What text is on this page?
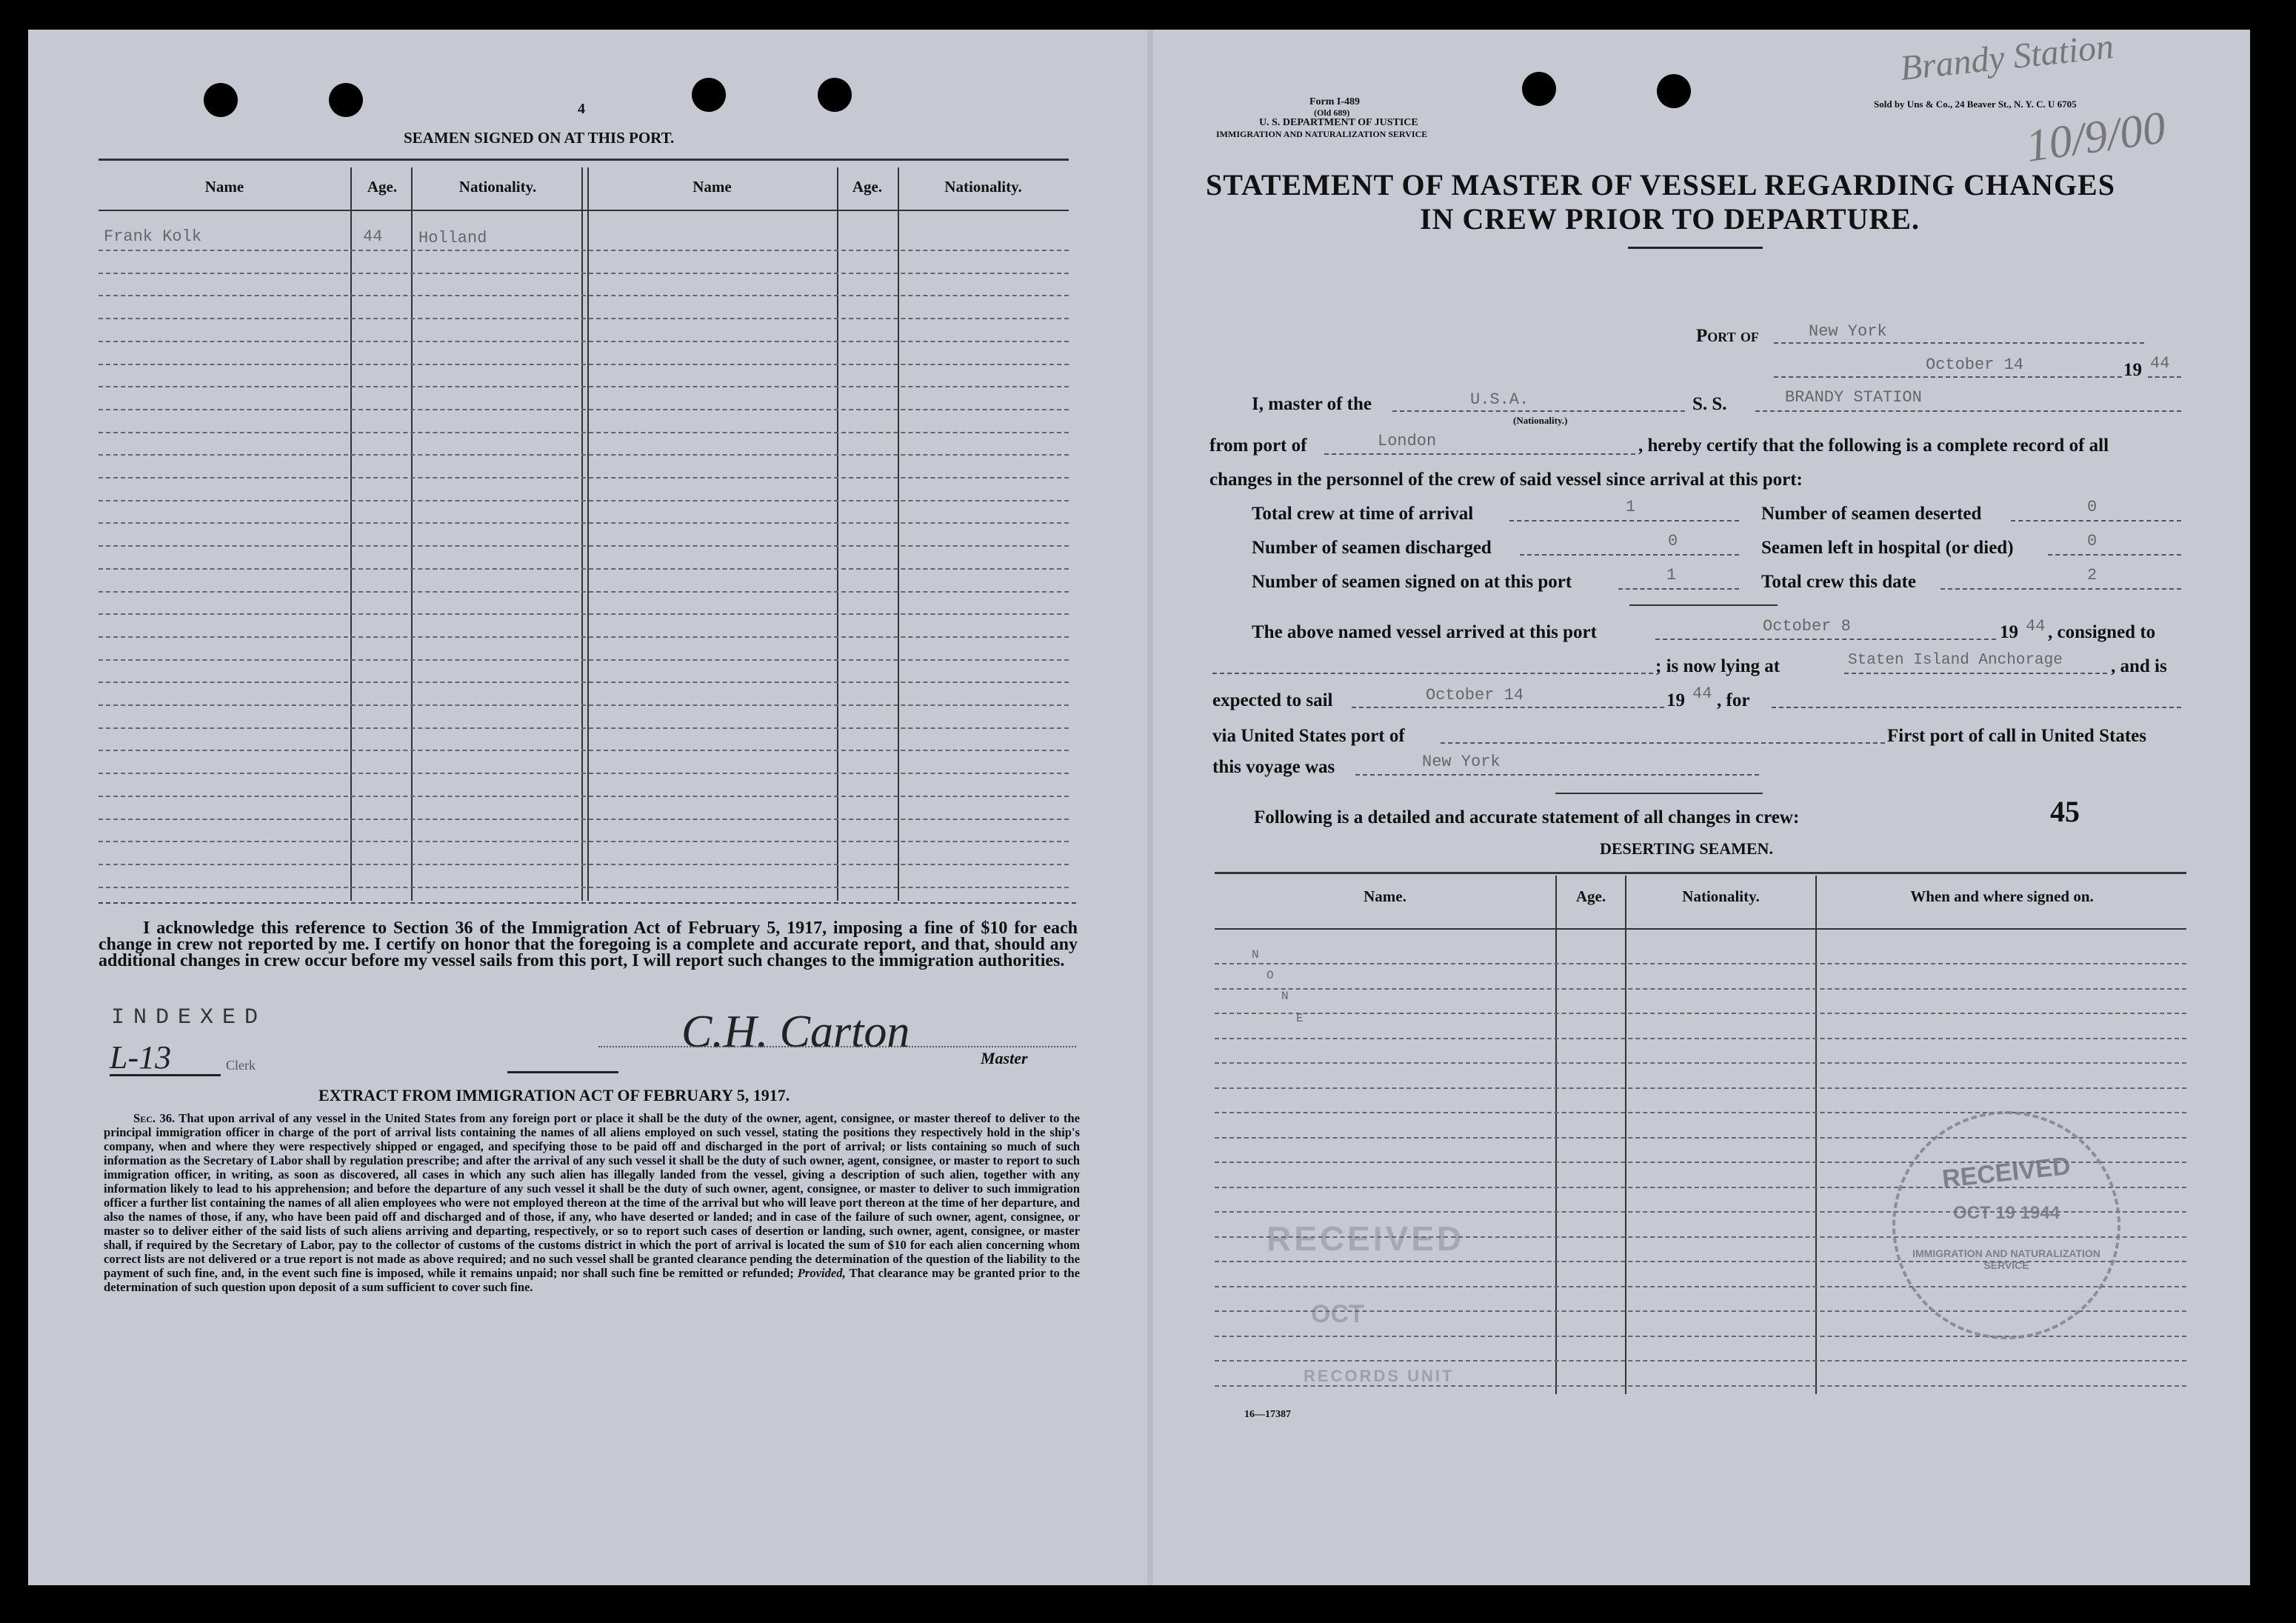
4
SEAMEN SIGNED ON AT THIS PORT.
Name	Age.	Nationality.	Name	Age.	Nationality.
Frank Kolk	44 Holland
I acknowledge this reference to Section 36 of the Immigration Act of February 5, 1917, imposing a fine of $10 for each change in crew not reported by me. I certify on honor that the foregoing is a complete and accurate report, and that, should any additional changes in crew occur before my vessel sails from this port, I will report such changes to the immigration authorities.
INDEXED
L-13	Clerk
C.H. Carton
Master
EXTRACT FROM IMMIGRATION ACT OF FEBRUARY 5, 1917.
Sec. 36. That upon arrival of any vessel in the United States from any foreign port or place it shall be the duty of the owner, agent, consignee, or master thereof to deliver to the principal immigration officer in charge of the port of arrival lists containing the names of all aliens employed on such vessel, stating the positions they respectively hold in the ship's company, when and where they were respectively shipped or engaged, and specifying those to be paid off and discharged in the port of arrival; or lists containing so much of such information as the Secretary of Labor shall by regulation prescribe; and after the arrival of any such vessel it shall be the duty of such owner, agent, consignee, or master to report to such immigration officer, in writing, as soon as discovered, all cases in which any such alien has illegally landed from the vessel, giving a description of such alien, together with any information likely to lead to his apprehension; and before the departure of any such vessel it shall be the duty of such owner, agent, consignee, or master to deliver to such immigration officer a further list containing the names of all alien employees who were not employed thereon at the time of the arrival but who will leave port thereon at the time of her departure, and also the names of those, if any, who have been paid off and discharged and of those, if any, who have deserted or landed; and in case of the failure of such owner, agent, consignee, or master so to deliver either of the said lists of such aliens arriving and departing, respectively, or so to report such cases of desertion or landing, such owner, agent, consignee, or master shall, if required by the Secretary of Labor, pay to the collector of customs of the customs district in which the port of arrival is located the sum of $10 for each alien concerning whom correct lists are not delivered or a true report is not made as above required; and no such vessel shall be granted clearance pending the determination of the question of the liability to the payment of such fine, and, in the event such fine is imposed, while it remains unpaid; nor shall such fine be remitted or refunded; Provided, That clearance may be granted prior to the determination of such question upon deposit of a sum sufficient to cover such fine.
RECEIVED
OCT
RECORDS UNIT
Form I-489
(Old 689)
U. S. DEPARTMENT OF JUSTICE
IMMIGRATION AND NATURALIZATION SERVICE
Sold by Uns & Co., 24 Beaver St., N. Y. C. U 6705
Brandy Station
10/9/00
STATEMENT OF MASTER OF VESSEL REGARDING CHANGES
IN CREW PRIOR TO DEPARTURE.
Port of	New York
October 14	19 44
I, master of the	U.S.A.
(Nationality.)
S. S.	BRANDY STATION
from port of	London	, hereby certify that the following is a complete record of all
changes in the personnel of the crew of said vessel since arrival at this port:
Total crew at time of arrival	1	Number of seamen deserted	0
Number of seamen discharged	0	Seamen left in hospital (or died)	0
Number of seamen signed on at this port	1	Total crew this date	2
The above named vessel arrived at this port	October 8	19 44 , consigned to
; is now lying at	Staten Island Anchorage	, and is
expected to sail	October 14	19 44 , for
via United States port of	First port of call in United States
this voyage was	New York
Following is a detailed and accurate statement of all changes in crew:	45
DESERTING SEAMEN.
Name.	Age.	Nationality.	When and where signed on.
N
O
N
E
RECEIVED
OCT 19 1944
IMMIGRATION AND NATURALIZATION SERVICE
16—17387
